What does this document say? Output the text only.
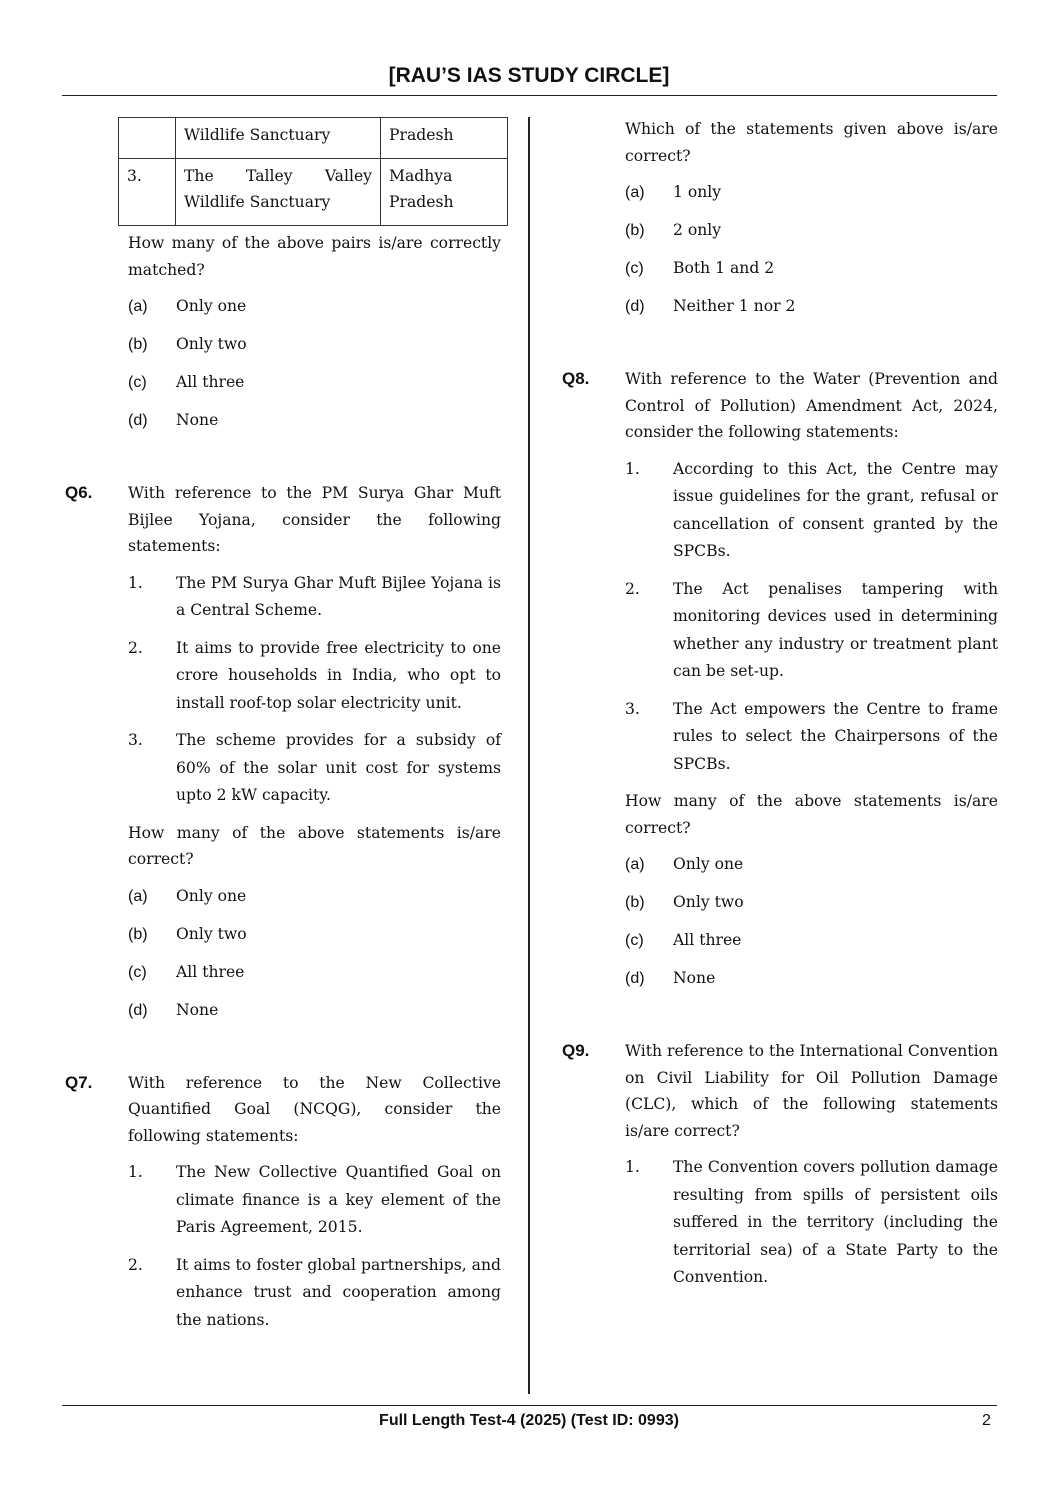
[RAU’S IAS STUDY CIRCLE]
	Wildlife Sanctuary	Pradesh
3.	The Talley Valley Wildlife Sanctuary	Madhya Pradesh
How many of the above pairs is/are correctly matched?
(a) Only one
(b) Only two
(c) All three
(d) None
Q6. With reference to the PM Surya Ghar Muft Bijlee Yojana, consider the following statements:
1. The PM Surya Ghar Muft Bijlee Yojana is a Central Scheme.
2. It aims to provide free electricity to one crore households in India, who opt to install roof-top solar electricity unit.
3. The scheme provides for a subsidy of 60% of the solar unit cost for systems upto 2 kW capacity.
How many of the above statements is/are correct?
(a) Only one
(b) Only two
(c) All three
(d) None
Q7. With reference to the New Collective Quantified Goal (NCQG), consider the following statements:
1. The New Collective Quantified Goal on climate finance is a key element of the Paris Agreement, 2015.
2. It aims to foster global partnerships, and enhance trust and cooperation among the nations.
Which of the statements given above is/are correct?
(a) 1 only
(b) 2 only
(c) Both 1 and 2
(d) Neither 1 nor 2
Q8. With reference to the Water (Prevention and Control of Pollution) Amendment Act, 2024, consider the following statements:
1. According to this Act, the Centre may issue guidelines for the grant, refusal or cancellation of consent granted by the SPCBs.
2. The Act penalises tampering with monitoring devices used in determining whether any industry or treatment plant can be set-up.
3. The Act empowers the Centre to frame rules to select the Chairpersons of the SPCBs.
How many of the above statements is/are correct?
(a) Only one
(b) Only two
(c) All three
(d) None
Q9. With reference to the International Convention on Civil Liability for Oil Pollution Damage (CLC), which of the following statements is/are correct?
1. The Convention covers pollution damage resulting from spills of persistent oils suffered in the territory (including the territorial sea) of a State Party to the Convention.
Full Length Test-4 (2025) (Test ID: 0993)	2
